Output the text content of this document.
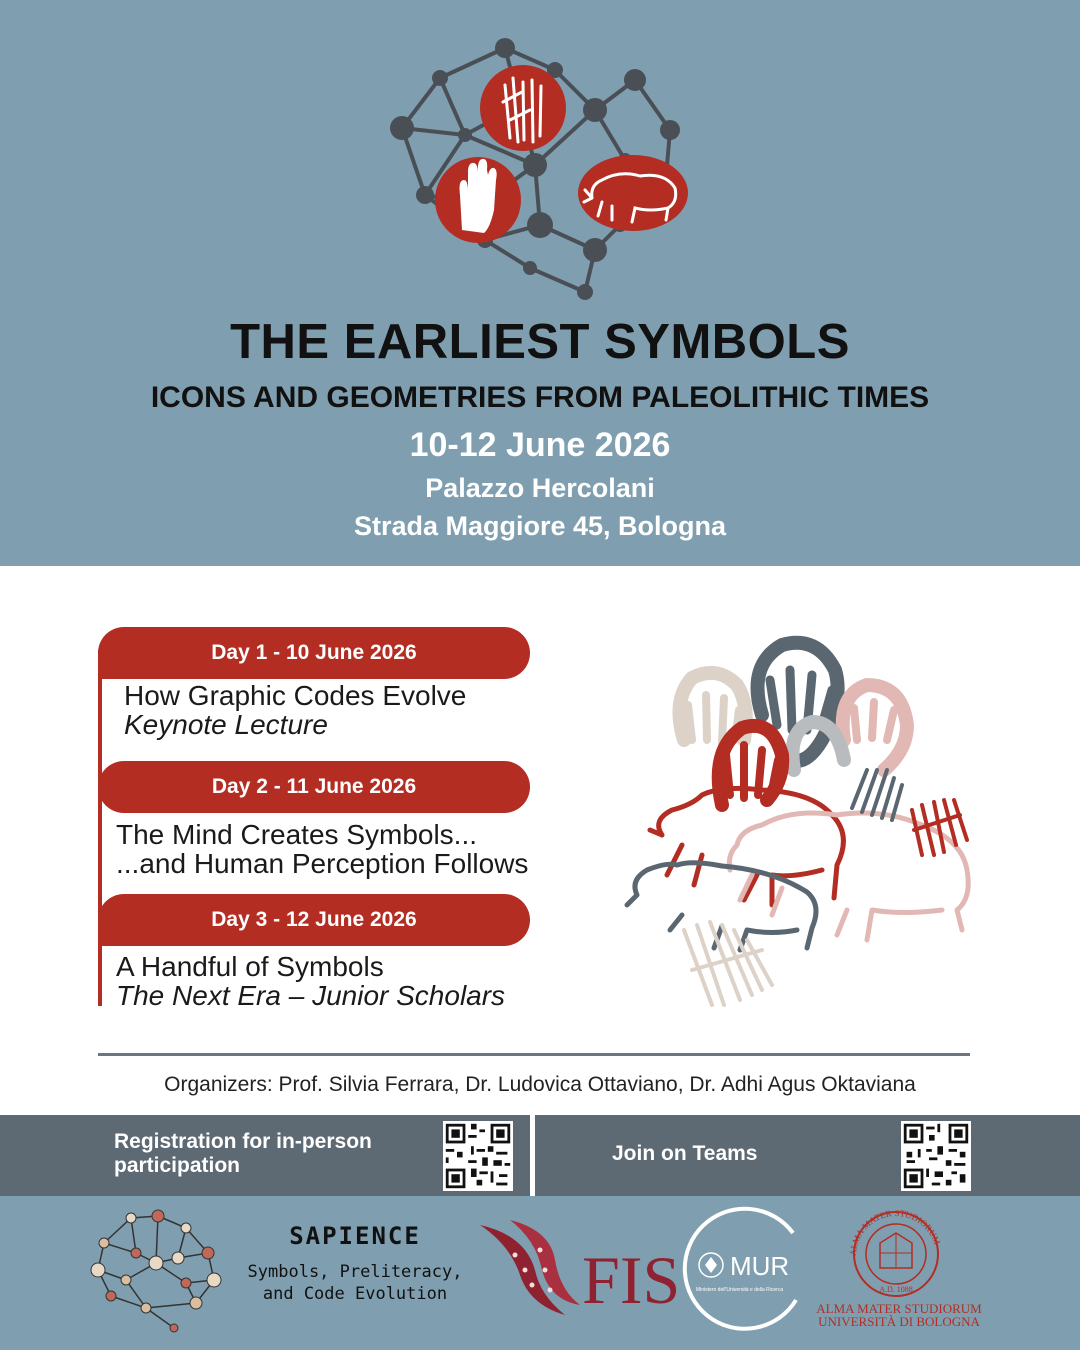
THE EARLIEST SYMBOLS
ICONS AND GEOMETRIES FROM PALEOLITHIC TIMES
10-12 June 2026
Palazzo Hercolani
Strada Maggiore 45, Bologna
Day 1 - 10 June 2026
How Graphic Codes Evolve
Keynote Lecture
Day 2 - 11 June 2026
The Mind Creates Symbols...
...and Human Perception Follows
Day 3 - 12 June 2026
A Handful of Symbols
The Next Era – Junior Scholars
Organizers: Prof. Silvia Ferrara, Dr. Ludovica Ottaviano, Dr. Adhi Agus Oktaviana
Registration for in-person participation
Join on Teams
SAPIENCE
Symbols, Preliteracy,
and Code Evolution FIS MUR
Ministero dell'Università e della Ricerca
ALMA MATER STUDIORUM
A.D. 1088
ALMA MATER STUDIORUM
UNIVERSITÀ DI BOLOGNA
